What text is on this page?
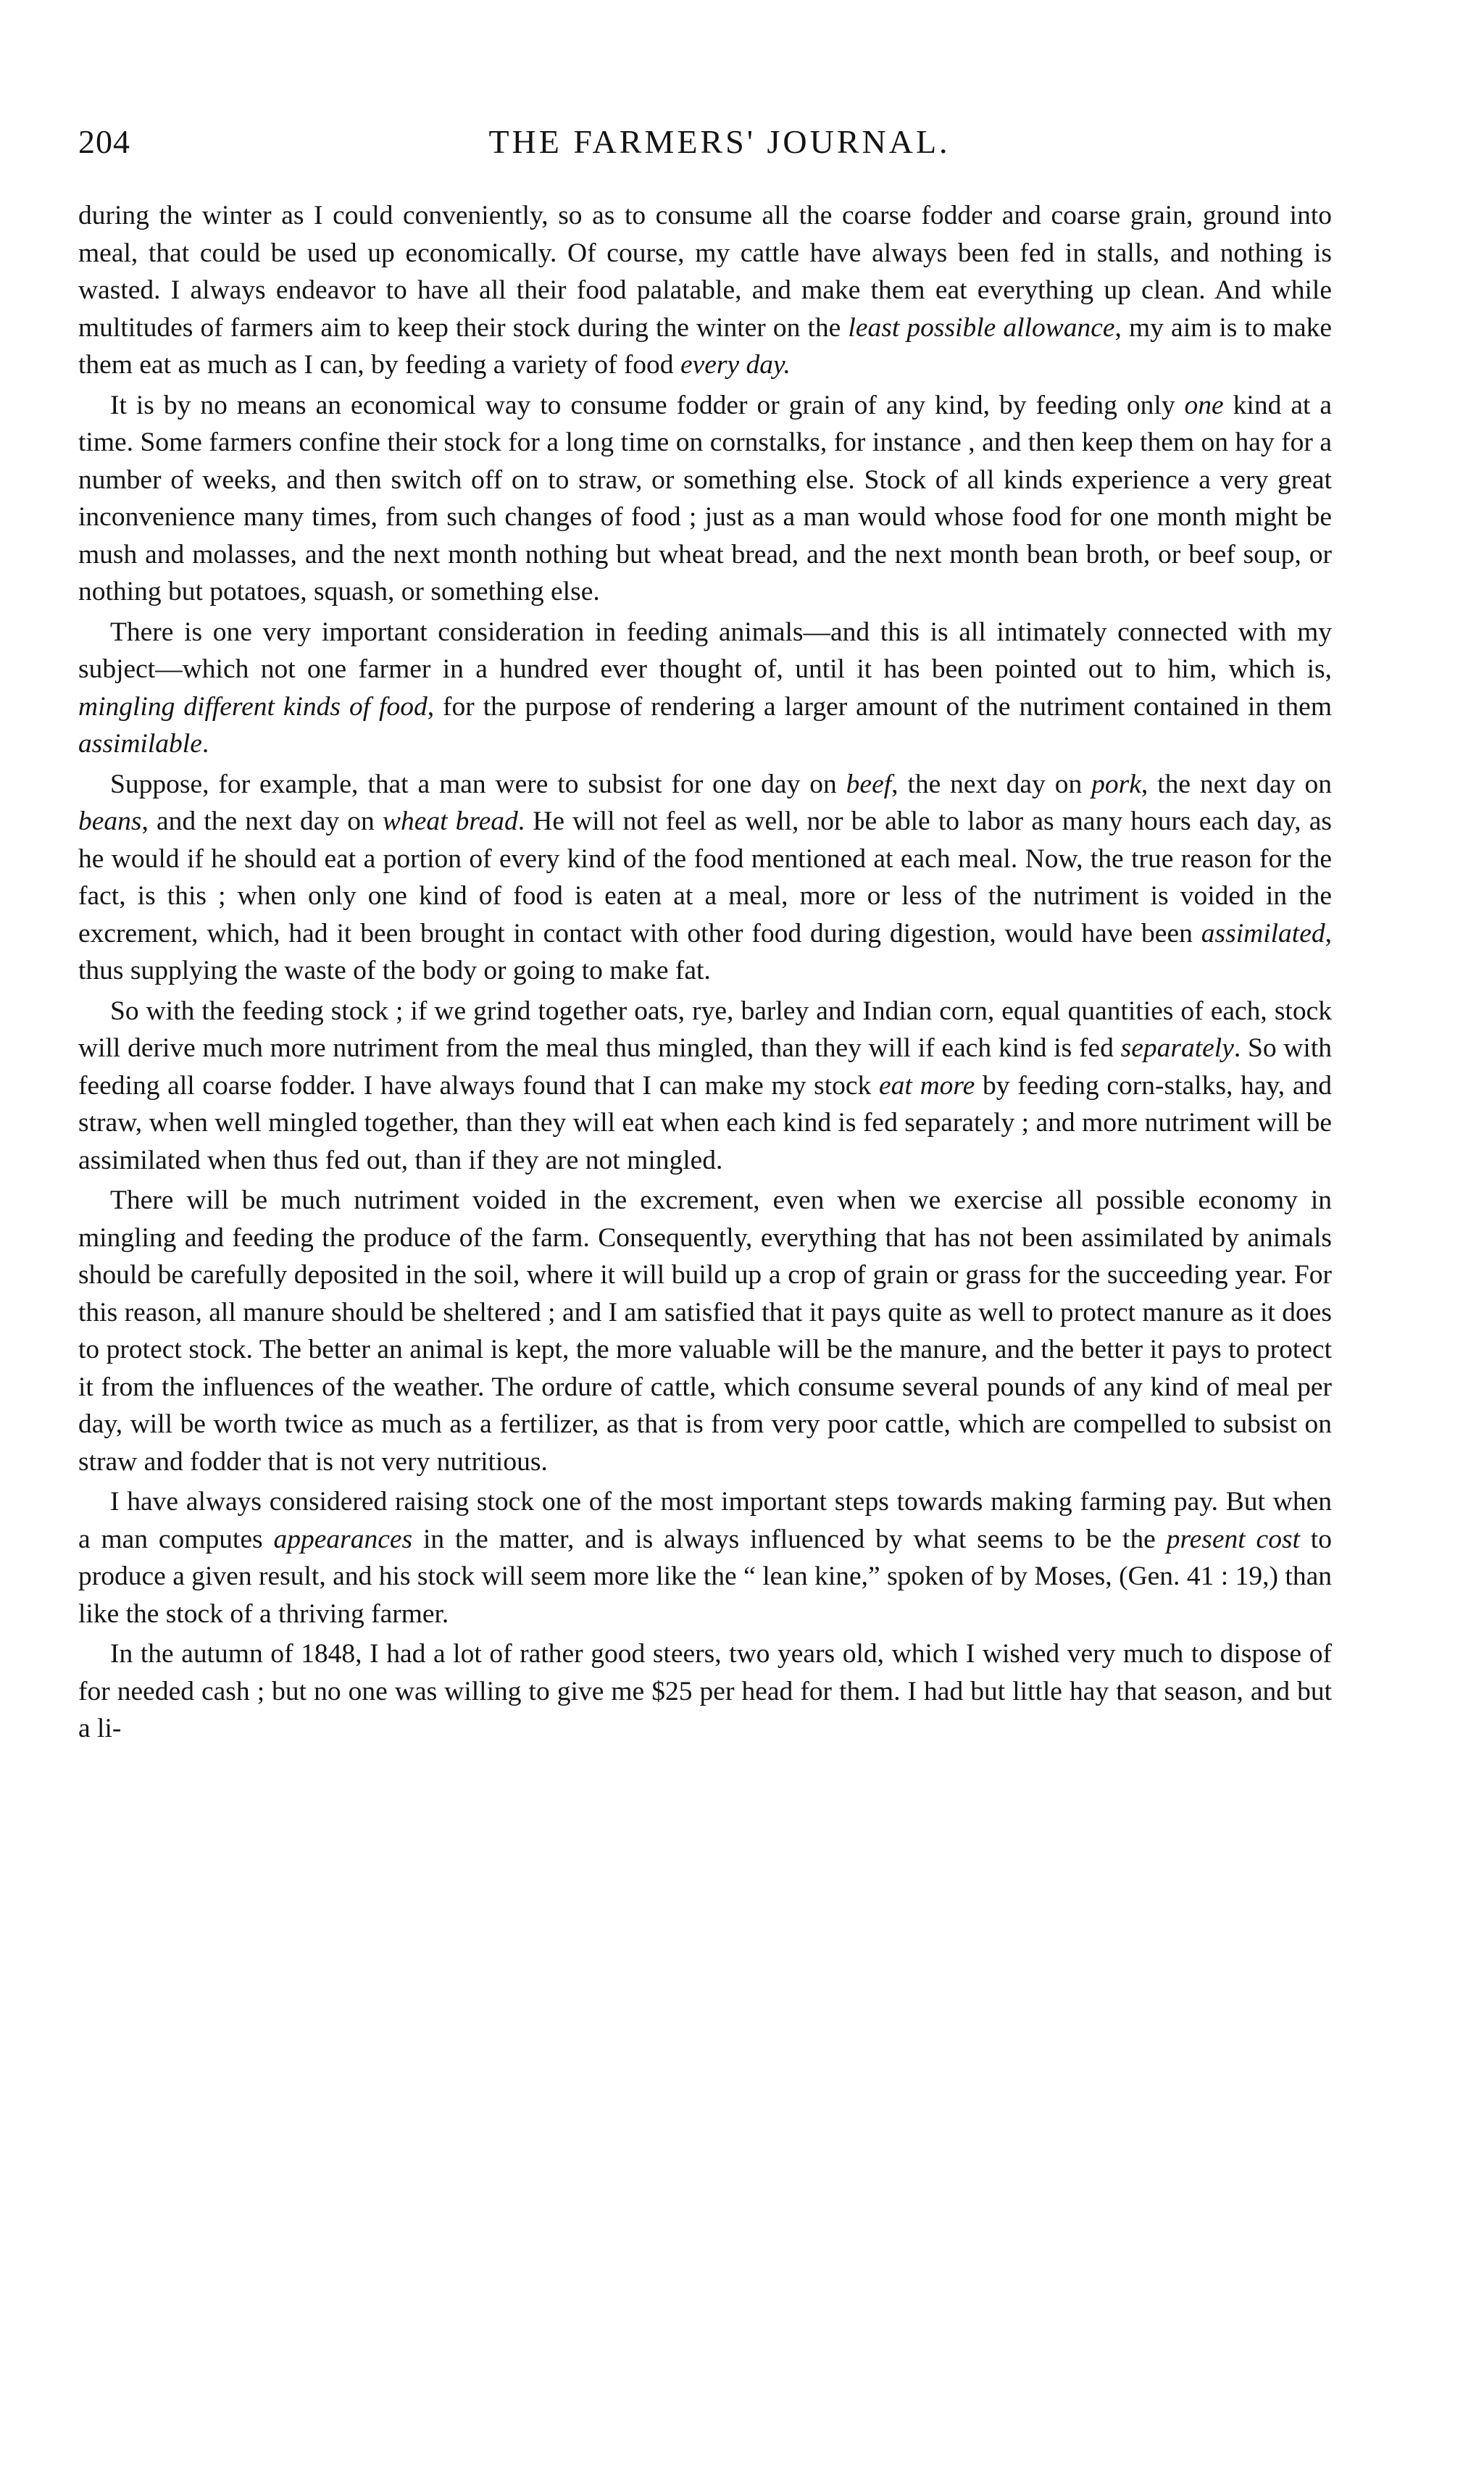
204	THE FARMERS' JOURNAL.

during the winter as I could conveniently, so as to consume all the coarse fodder and coarse grain, ground into meal, that could be used up economically. Of course, my cattle have always been fed in stalls, and nothing is wasted. I always endeavor to have all their food palatable, and make them eat everything up clean. And while multitudes of farmers aim to keep their stock during the winter on the least possible allowance, my aim is to make them eat as much as I can, by feeding a variety of food every day.

It is by no means an economical way to consume fodder or grain of any kind, by feeding only one kind at a time. Some farmers confine their stock for a long time on cornstalks, for instance , and then keep them on hay for a number of weeks, and then switch off on to straw, or something else. Stock of all kinds experience a very great inconvenience many times, from such changes of food ; just as a man would whose food for one month might be mush and molasses, and the next month nothing but wheat bread, and the next month bean broth, or beef soup, or nothing but potatoes, squash, or something else.

There is one very important consideration in feeding animals—and this is all intimately connected with my subject—which not one farmer in a hundred ever thought of, until it has been pointed out to him, which is, mingling different kinds of food, for the purpose of rendering a larger amount of the nutriment contained in them assimilable.

Suppose, for example, that a man were to subsist for one day on beef, the next day on pork, the next day on beans, and the next day on wheat bread. He will not feel as well, nor be able to labor as many hours each day, as he would if he should eat a portion of every kind of the food mentioned at each meal. Now, the true reason for the fact, is this ; when only one kind of food is eaten at a meal, more or less of the nutriment is voided in the excrement, which, had it been brought in contact with other food during digestion, would have been assimilated, thus supplying the waste of the body or going to make fat.

So with the feeding stock ; if we grind together oats, rye, barley and Indian corn, equal quantities of each, stock will derive much more nutriment from the meal thus mingled, than they will if each kind is fed separately. So with feeding all coarse fodder. I have always found that I can make my stock eat more by feeding corn-stalks, hay, and straw, when well mingled together, than they will eat when each kind is fed separately ; and more nutriment will be assimilated when thus fed out, than if they are not mingled.

There will be much nutriment voided in the excrement, even when we exercise all possible economy in mingling and feeding the produce of the farm. Consequently, everything that has not been assimilated by animals should be carefully deposited in the soil, where it will build up a crop of grain or grass for the succeeding year. For this reason, all manure should be sheltered ; and I am satisfied that it pays quite as well to protect manure as it does to protect stock. The better an animal is kept, the more valuable will be the manure, and the better it pays to protect it from the influences of the weather. The ordure of cattle, which consume several pounds of any kind of meal per day, will be worth twice as much as a fertilizer, as that is from very poor cattle, which are compelled to subsist on straw and fodder that is not very nutritious.

I have always considered raising stock one of the most important steps towards making farming pay. But when a man computes appearances in the matter, and is always influenced by what seems to be the present cost to produce a given result, and his stock will seem more like the “ lean kine,” spoken of by Moses, (Gen. 41 : 19,) than like the stock of a thriving farmer.

In the autumn of 1848, I had a lot of rather good steers, two years old, which I wished very much to dispose of for needed cash ; but no one was willing to give me $25 per head for them. I had but little hay that season, and but a li-
